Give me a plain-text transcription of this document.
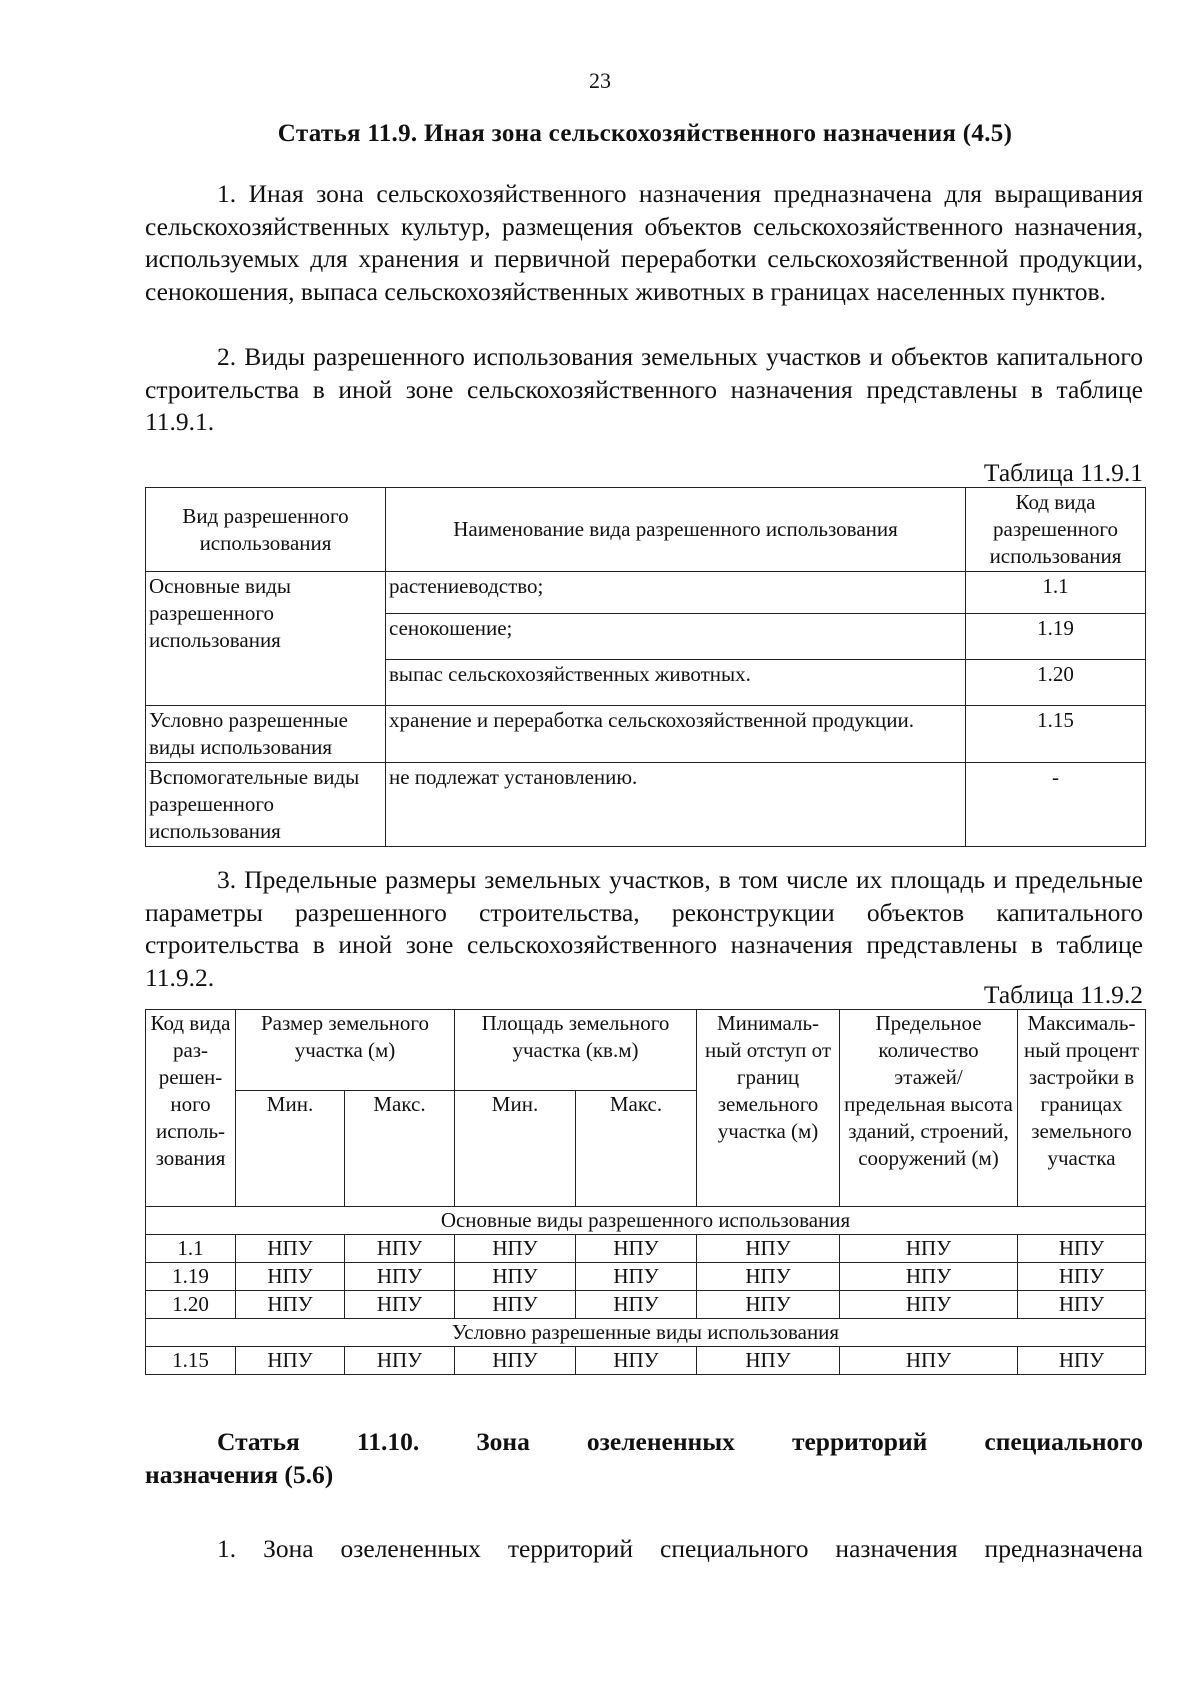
23
Статья 11.9. Иная зона сельскохозяйственного назначения (4.5)

1. Иная зона сельскохозяйственного назначения предназначена для выращивания сельскохозяйственных культур, размещения объектов сельскохозяйственного назначения, используемых для хранения и первичной переработки сельскохозяйственной продукции, сенокошения, выпаса сельскохозяйственных животных в границах населенных пунктов.

2. Виды разрешенного использования земельных участков и объектов капитального строительства в иной зоне сельскохозяйственного назначения представлены в таблице 11.9.1.

Таблица 11.9.1
Вид разрешенного использования	Наименование вида разрешенного использования	Код вида разрешенного использования
Основные виды разрешенного использования	растениеводство;	1.1
	сенокошение;	1.19
	выпас сельскохозяйственных животных.	1.20
Условно разрешенные виды использования	хранение и переработка сельскохозяйственной продукции.	1.15
Вспомогательные виды разрешенного использования	не подлежат установлению.	-

3. Предельные размеры земельных участков, в том числе их площадь и предельные параметры разрешенного строительства, реконструкции объектов капитального строительства в иной зоне сельскохозяйственного назначения представлены в таблице 11.9.2.

Таблица 11.9.2
Код вида раз-решен-ного исполь-зования	Размер земельного участка (м)		Площадь земельного участка (кв.м)		Минималь-ный отступ от границ земельного участка (м)	Предельное количество этажей/ предельная высота зданий, строений, сооружений (м)	Максималь-ный процент застройки в границах земельного участка
	Мин.	Макс.	Мин.	Макс.			
Основные виды разрешенного использования							
1.1	НПУ	НПУ	НПУ	НПУ	НПУ	НПУ	НПУ
1.19	НПУ	НПУ	НПУ	НПУ	НПУ	НПУ	НПУ
1.20	НПУ	НПУ	НПУ	НПУ	НПУ	НПУ	НПУ
Условно разрешенные виды использования							
1.15	НПУ	НПУ	НПУ	НПУ	НПУ	НПУ	НПУ
Статья 11.10. Зона озелененных территорий специального
назначения (5.6)

1. Зона озелененных территорий специального назначения предназначена
